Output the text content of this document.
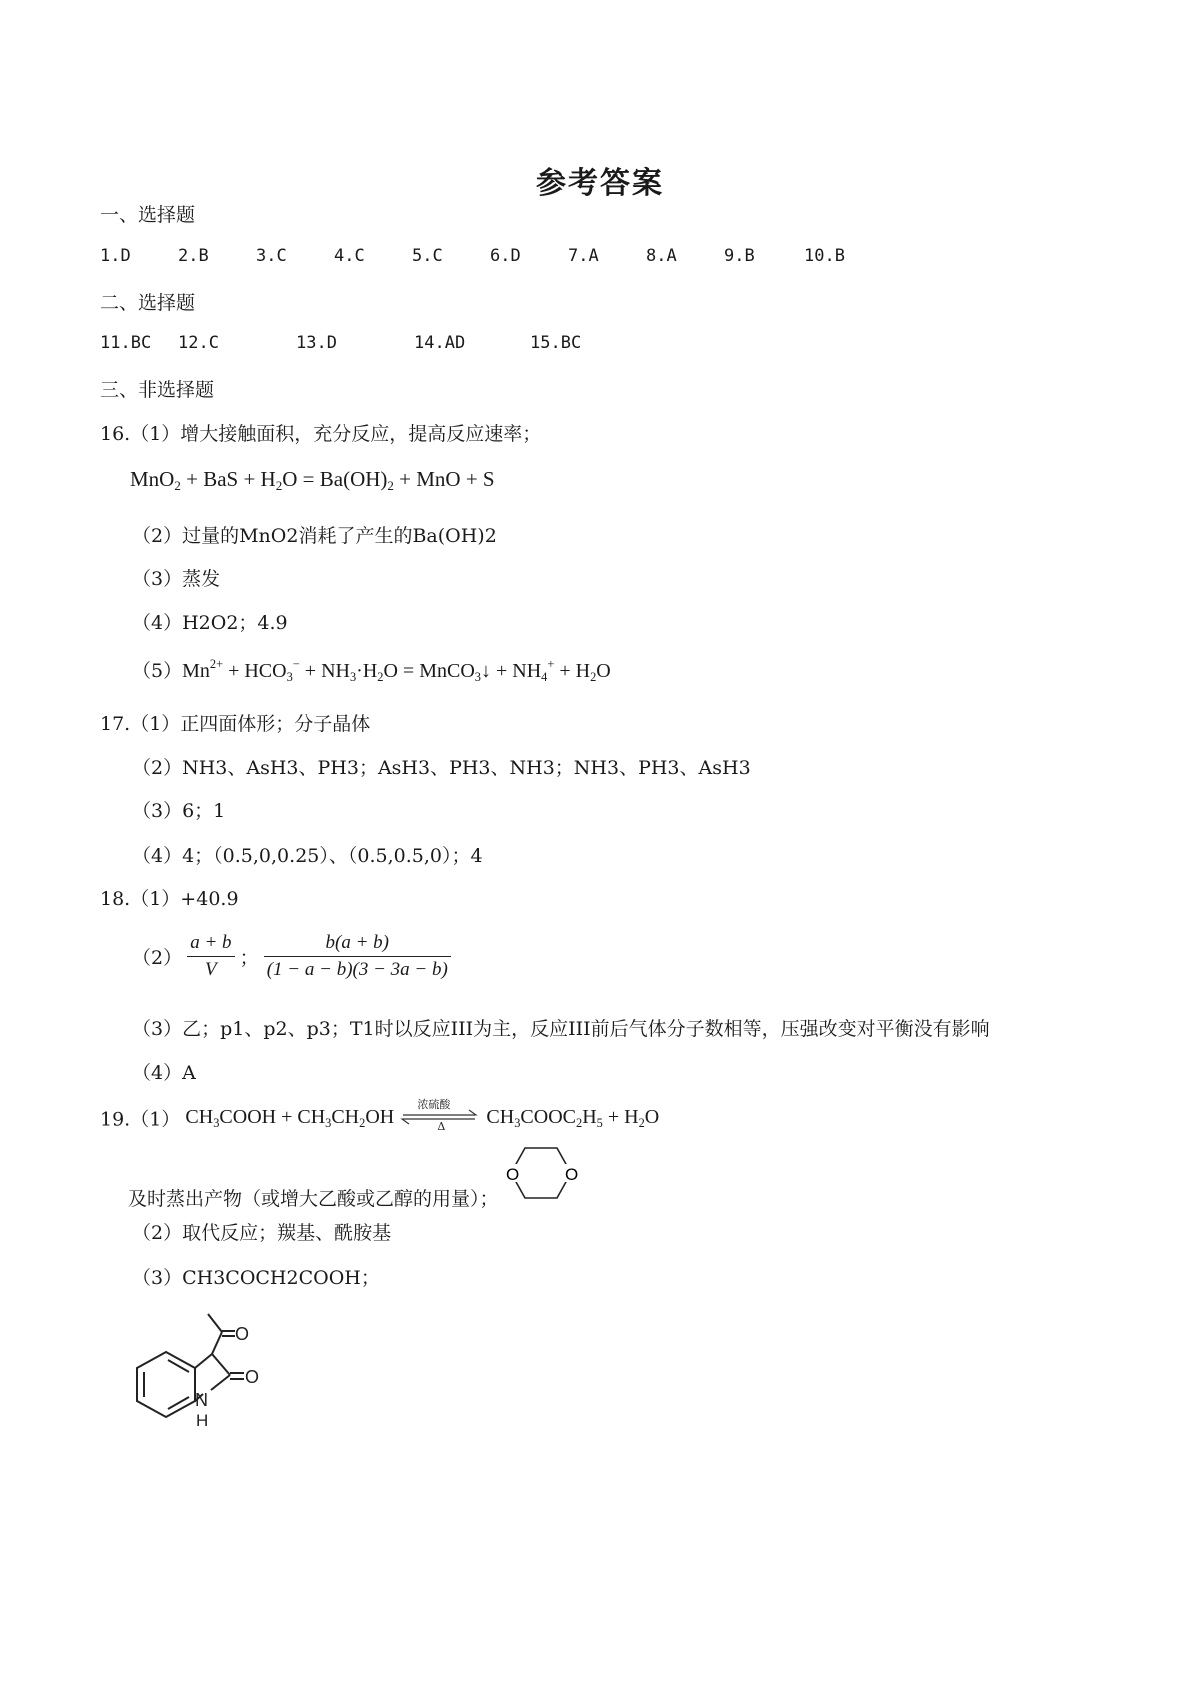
参考答案
一、选择题
1.D	2.B	3.C	4.C	5.C	6.D	7.A	8.A	9.B	10.B
二、选择题
11.BC 12.C	13.D	14.AD	15.BC
三、非选择题
16.（1）增大接触面积，充分反应，提高反应速率；
MnO$_2$ + BaS + $H_2O = Ba(OH)_2$ + MnO + S
（2）过量的MnO2消耗了产生的Ba(OH)2
（3）蒸发
（4）H2O2；4.9
$(5)Mn^{2+} + HCO_3^- + NH_3\cdot H_2O$ = MnCO$_3$↓ + $NH_4^+ + H_2O$
17.（1）正四面体形；分子晶体
（2）NH3、AsH3、PH3；AsH3、PH3、NH3；NH3、PH3、AsH3
（3）6；1
（4）4；（0.5,0,0.25）、（0.5,0.5,0）；4
18.（1）+40.9
$(2) \frac{a + b}{V}$ ； $\frac{b(a + b)}{(1 - a - b)(3 - 3a - b)}$
（3）乙；p1、p2、p3；T1时以反应III为主，反应III前后气体分子数相等，压强改变对平衡没有影响
（4）A
19.（1） $CH_3COOH + CH_3CH_2OH$
浓硫酸
Δ $CH_3COOC_2H_5 + H_2O$
及时蒸出产物（或增大乙酸或乙醇的用量）；
O	O
（2）取代反应；羰基、酰胺基
（3）CH3COCH2COOH；
O
O
N
H
